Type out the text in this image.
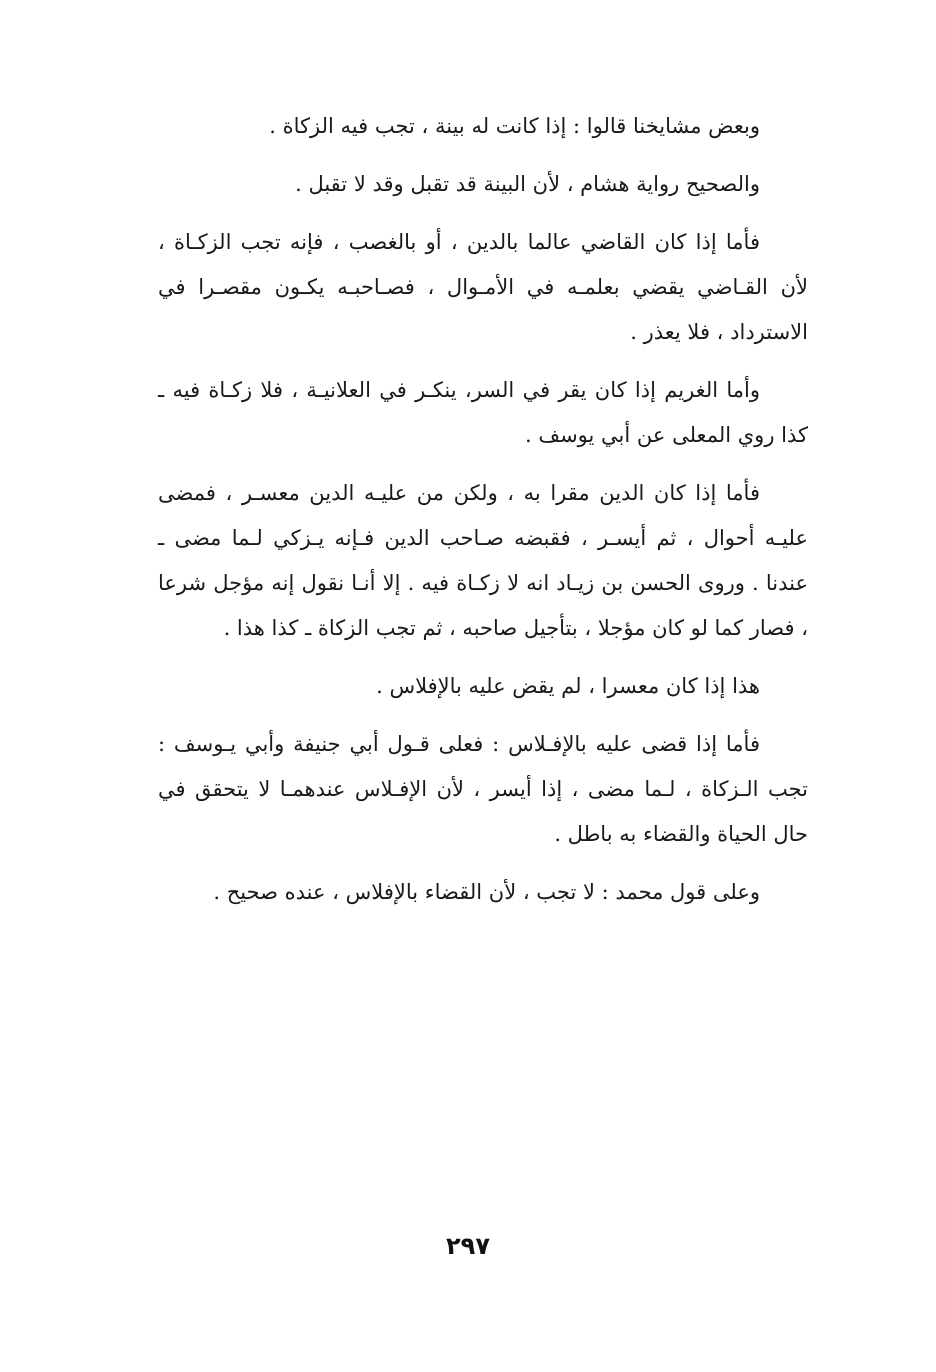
وبعض مشايخنا قالوا : إذا كانت له بينة ، تجب فيه الزكاة .

والصحيح رواية هشام ، لأن البينة قد تقبل وقد لا تقبل .

فأما إذا كان القاضي عالما بالدين ، أو بالغصب ، فإنه تجب الزكـاة ، لأن القـاضي يقضي بعلمـه في الأمـوال ، فصـاحبـه يكـون مقصـرا في الاسترداد ، فلا يعذر .

وأما الغريم إذا كان يقر في السر، ينكـر في العلانيـة ، فلا زكـاة فيه ـ كذا روي المعلى عن أبي يوسف .

فأما إذا كان الدين مقرا به ، ولكن من عليـه الدين معسـر ، فمضى عليـه أحوال ، ثم أيسـر ، فقبضه صـاحب الدين فـإنه يـزكي لـما مضى ـ عندنا . وروى الحسن بن زيـاد انه لا زكـاة فيه . إلا أنـا نقول إنه مؤجل شرعا ، فصار كما لو كان مؤجلا ، بتأجيل صاحبه ، ثم تجب الزكاة ـ كذا هذا .

هذا إذا كان معسرا ، لم يقض عليه بالإفلاس .

فأما إذا قضى عليه بالإفـلاس : فعلى قـول أبي جنيفة وأبي يـوسف : تجب الـزكاة ، لـما مضى ، إذا أيسر ، لأن الإفـلاس عندهمـا لا يتحقق في حال الحياة والقضاء به باطل .

وعلى قول محمد : لا تجب ، لأن القضاء بالإفلاس ، عنده صحيح .

٢٩٧
